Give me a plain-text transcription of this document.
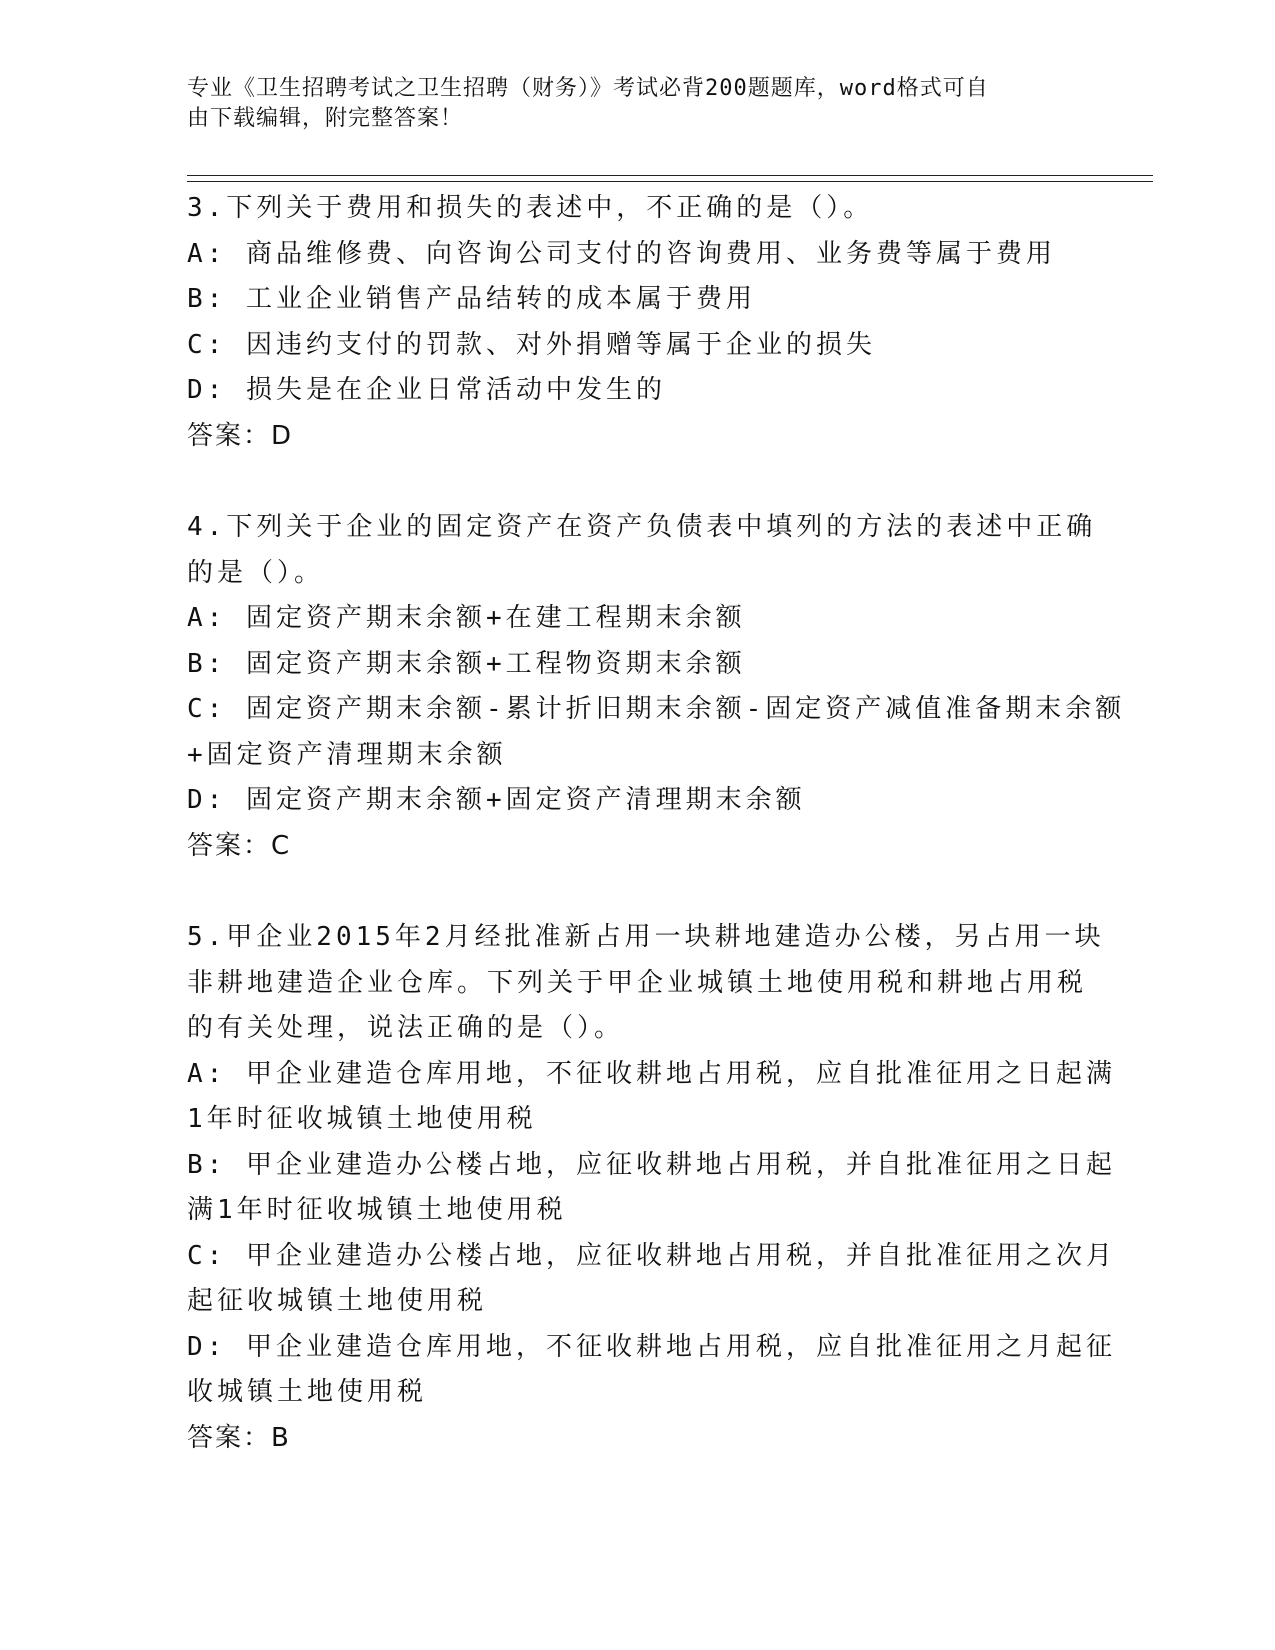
专业《卫生招聘考试之卫生招聘（财务）》考试必背200题题库，word格式可自
由下载编辑，附完整答案！
3.下列关于费用和损失的表述中，不正确的是（）。
A: 商品维修费、向咨询公司支付的咨询费用、业务费等属于费用
B: 工业企业销售产品结转的成本属于费用
C: 因违约支付的罚款、对外捐赠等属于企业的损失
D: 损失是在企业日常活动中发生的
答案：D
4.下列关于企业的固定资产在资产负债表中填列的方法的表述中正确
的是（）。
A: 固定资产期末余额+在建工程期末余额
B: 固定资产期末余额+工程物资期末余额
C: 固定资产期末余额-累计折旧期末余额-固定资产减值准备期末余额
+固定资产清理期末余额
D: 固定资产期末余额+固定资产清理期末余额
答案：C
5.甲企业2015年2月经批准新占用一块耕地建造办公楼，另占用一块
非耕地建造企业仓库。下列关于甲企业城镇土地使用税和耕地占用税
的有关处理，说法正确的是（）。
A: 甲企业建造仓库用地，不征收耕地占用税，应自批准征用之日起满
1年时征收城镇土地使用税
B: 甲企业建造办公楼占地，应征收耕地占用税，并自批准征用之日起
满1年时征收城镇土地使用税
C: 甲企业建造办公楼占地，应征收耕地占用税，并自批准征用之次月
起征收城镇土地使用税
D: 甲企业建造仓库用地，不征收耕地占用税，应自批准征用之月起征
收城镇土地使用税
答案：B
